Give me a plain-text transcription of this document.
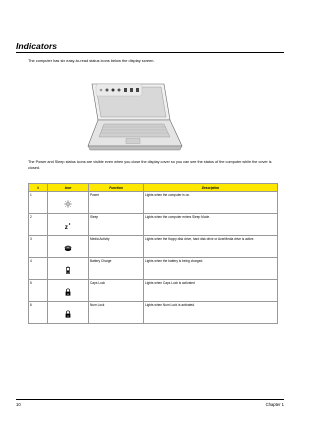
Indicators
The computer has six easy-to-read status icons below the display screen.
The Power and Sleep status icons are visible even when you close the display cover so you can see the status of the computer while the cover is closed.
#	Icon	Function	Description
1		Power	Lights when the computer is on.
2	z z	Sleep	Lights when the computer enters Sleep Mode.
3		Media Activity	Lights when the floppy disk drive, hard disk drive or AcerMedia drive is active.
4		Battery Charge	Lights when the battery is being charged.
5	A	Caps Lock	Lights when Caps Lock is activated
6	1	Num Lock	Lights when Num Lock is activated.
10	Chapter 1
